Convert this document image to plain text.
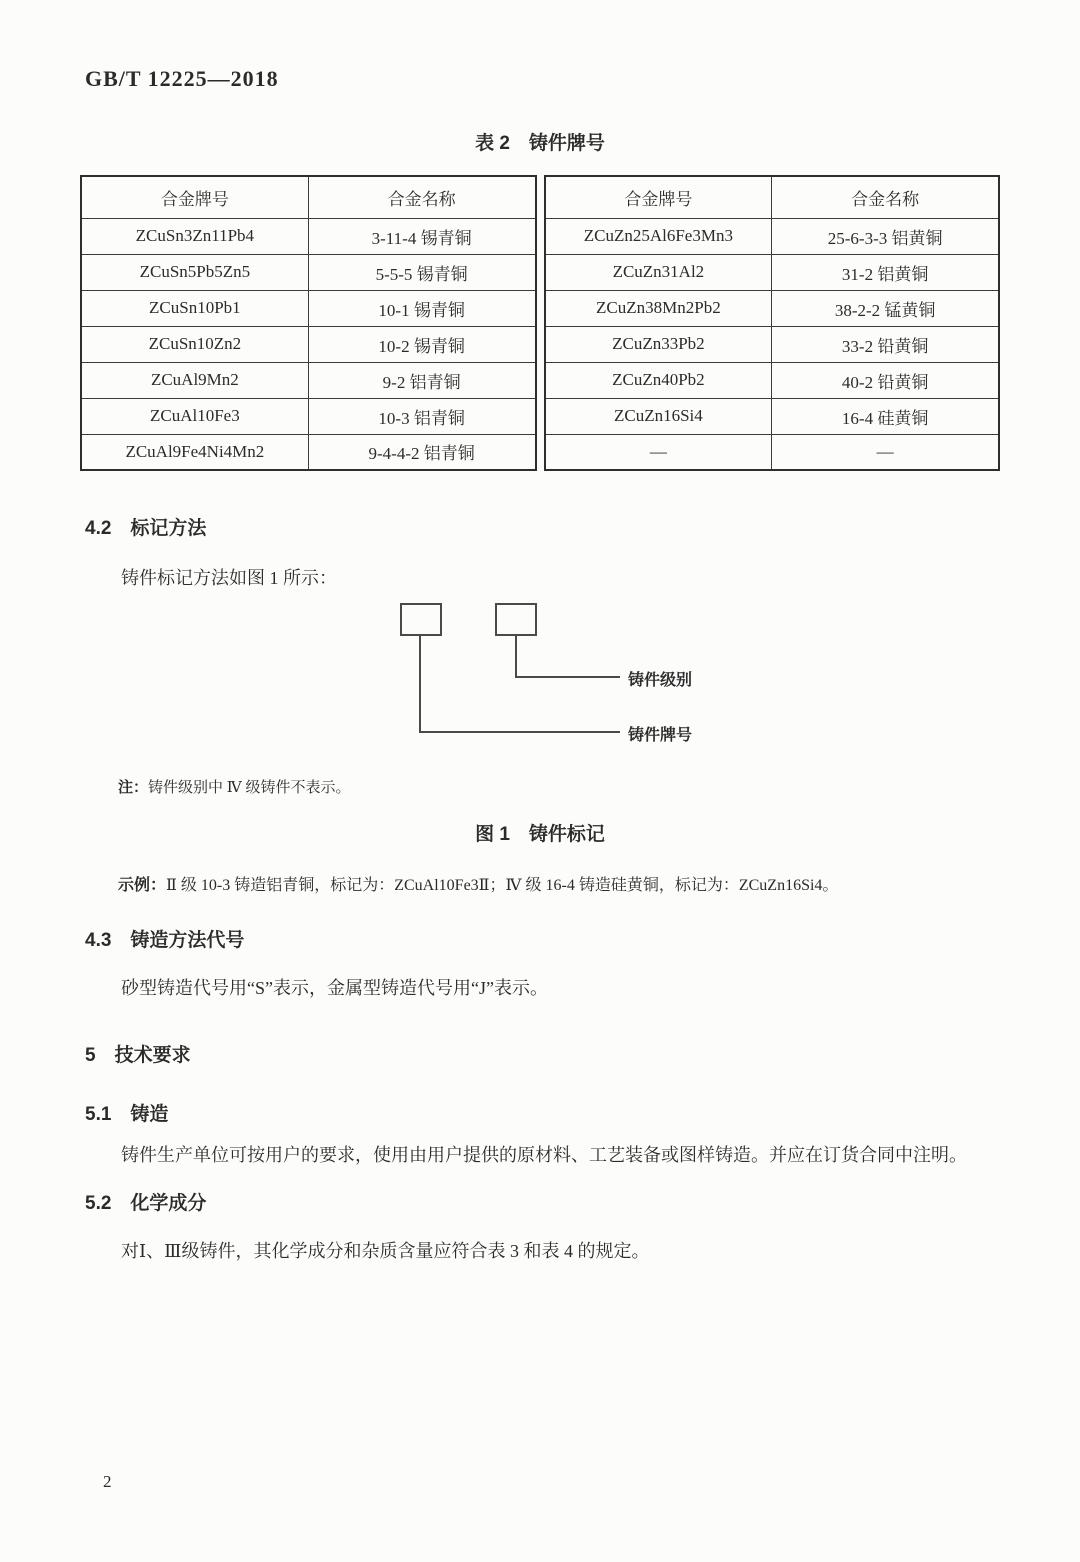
GB/T 12225—2018
表 2　铸件牌号
合金牌号	合金名称
ZCuSn3Zn11Pb4	3-11-4 锡青铜
ZCuSn5Pb5Zn5	5-5-5 锡青铜
ZCuSn10Pb1	10-1 锡青铜
ZCuSn10Zn2	10-2 锡青铜
ZCuAl9Mn2	9-2 铝青铜
ZCuAl10Fe3	10-3 铝青铜
ZCuAl9Fe4Ni4Mn2	9-4-4-2 铝青铜
合金牌号	合金名称
ZCuZn25Al6Fe3Mn3	25-6-3-3 铝黄铜
ZCuZn31Al2	31-2 铝黄铜
ZCuZn38Mn2Pb2	38-2-2 锰黄铜
ZCuZn33Pb2	33-2 铅黄铜
ZCuZn40Pb2	40-2 铅黄铜
ZCuZn16Si4	16-4 硅黄铜
—	—
4.2　标记方法
铸件标记方法如图 1 所示：
铸件级别
铸件牌号
注：铸件级别中 Ⅳ 级铸件不表示。
图 1　铸件标记
示例：Ⅱ 级 10-3 铸造铝青铜，标记为：ZCuAl10Fe3Ⅱ；Ⅳ 级 16-4 铸造硅黄铜，标记为：ZCuZn16Si4。
4.3　铸造方法代号
砂型铸造代号用“S”表示，金属型铸造代号用“J”表示。
5　技术要求
5.1　铸造
铸件生产单位可按用户的要求，使用由用户提供的原材料、工艺装备或图样铸造。并应在订货合同中注明。
5.2　化学成分
对Ⅰ、Ⅲ级铸件，其化学成分和杂质含量应符合表 3 和表 4 的规定。
2
